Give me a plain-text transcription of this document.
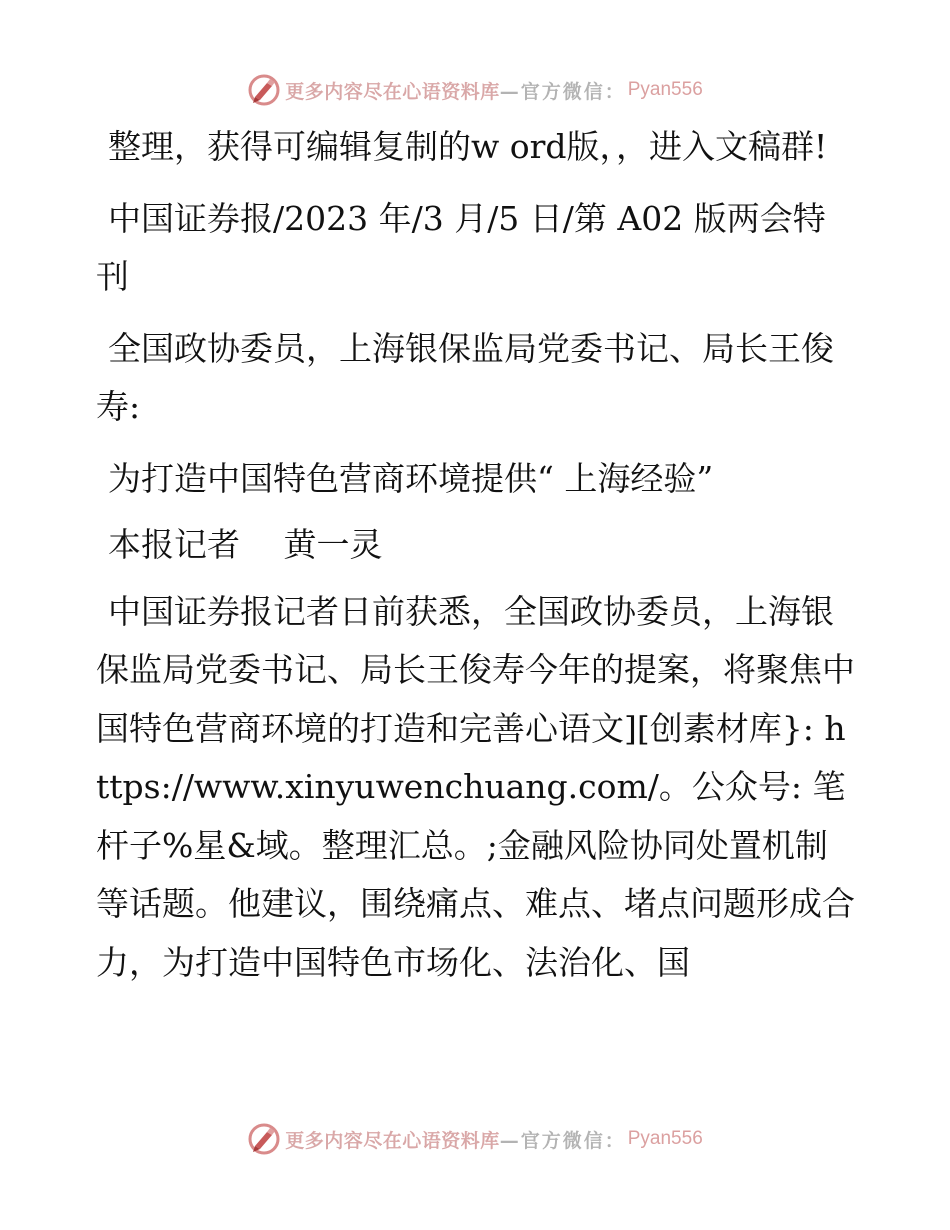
更多内容尽在心语资料库 —官方微信： Pyan556

整理，获得可编辑复制的w ord版，，进入文稿群!

中国证券报/2023 年/3 月/5 日/第 A02 版两会特刊

全国政协委员，上海银保监局党委书记、局长王俊寿:

为打造中国特色营商环境提供“ 上海经验”

本报记者　 黄一灵

中国证券报记者日前获悉，全国政协委员，上海银保监局党委书记、局长王俊寿今年的提案，将聚焦中国特色营商环境的打造和完善心语文][创素材库}: https://www.xinyuwenchuang.com/。公众号: 笔杆子%星&域。整理汇总。;金融风险协同处置机制等话题。他建议，围绕痛点、难点、堵点问题形成合力，为打造中国特色市场化、法治化、国

更多内容尽在心语资料库 —官方微信： Pyan556
